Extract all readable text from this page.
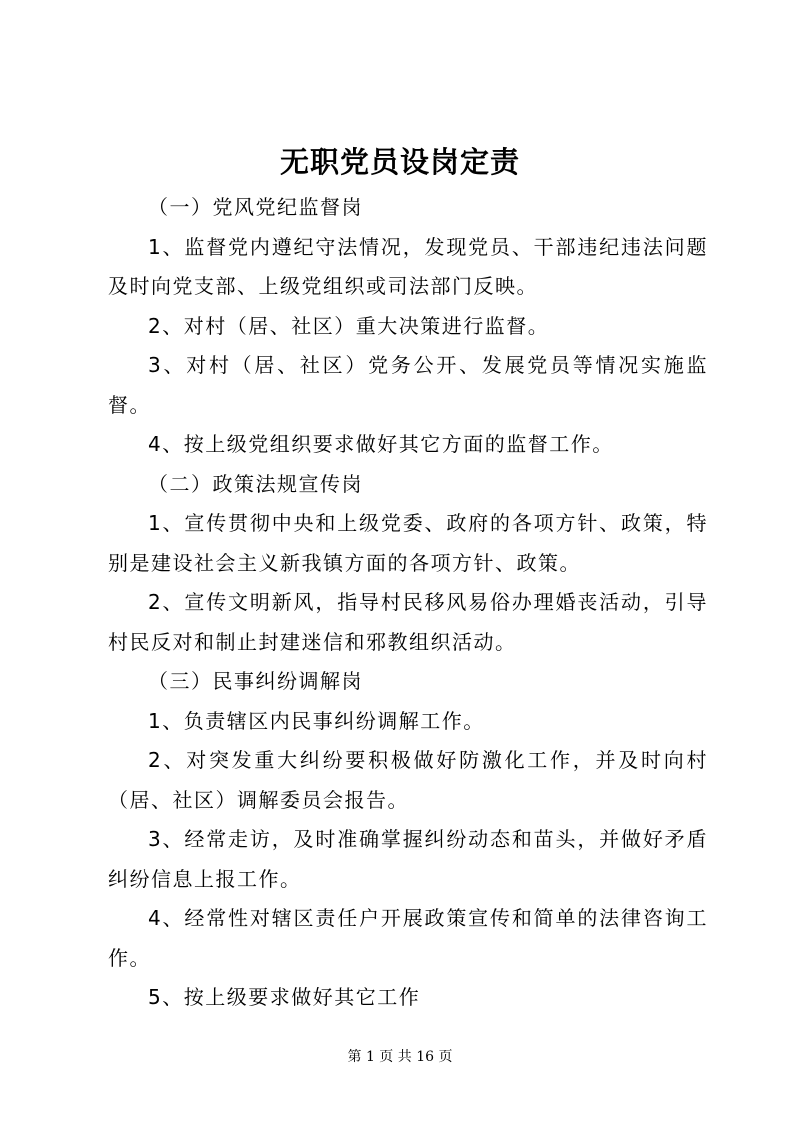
无职党员设岗定责

（一）党风党纪监督岗

1、监督党内遵纪守法情况，发现党员、干部违纪违法问题及时向党支部、上级党组织或司法部门反映。

2、对村（居、社区）重大决策进行监督。

3、对村（居、社区）党务公开、发展党员等情况实施监督。

4、按上级党组织要求做好其它方面的监督工作。

（二）政策法规宣传岗

1、宣传贯彻中央和上级党委、政府的各项方针、政策，特别是建设社会主义新我镇方面的各项方针、政策。

2、宣传文明新风，指导村民移风易俗办理婚丧活动，引导村民反对和制止封建迷信和邪教组织活动。

（三）民事纠纷调解岗

1、负责辖区内民事纠纷调解工作。

2、对突发重大纠纷要积极做好防激化工作，并及时向村（居、社区）调解委员会报告。

3、经常走访，及时准确掌握纠纷动态和苗头，并做好矛盾纠纷信息上报工作。

4、经常性对辖区责任户开展政策宣传和简单的法律咨询工作。

5、按上级要求做好其它工作

第 1 页 共 16 页
